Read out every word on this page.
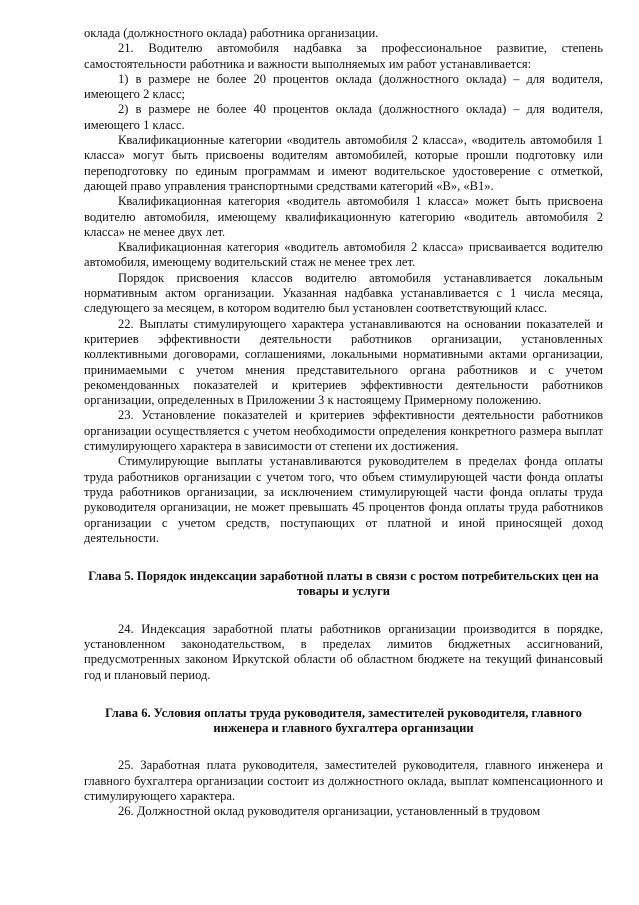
оклада (должностного оклада) работника организации.

21. Водителю автомобиля надбавка за профессиональное развитие, степень самостоятельности работника и важности выполняемых им работ устанавливается:

1) в размере не более 20 процентов оклада (должностного оклада) – для водителя, имеющего 2 класс;

2) в размере не более 40 процентов оклада (должностного оклада) – для водителя, имеющего 1 класс.

Квалификационные категории «водитель автомобиля 2 класса», «водитель автомобиля 1 класса» могут быть присвоены водителям автомобилей, которые прошли подготовку или переподготовку по единым программам и имеют водительское удостоверение с отметкой, дающей право управления транспортными средствами категорий «B», «B1».

Квалификационная категория «водитель автомобиля 1 класса» может быть присвоена водителю автомобиля, имеющему квалификационную категорию «водитель автомобиля 2 класса» не менее двух лет.

Квалификационная категория «водитель автомобиля 2 класса» присваивается водителю автомобиля, имеющему водительский стаж не менее трех лет.

Порядок присвоения классов водителю автомобиля устанавливается локальным нормативным актом организации. Указанная надбавка устанавливается с 1 числа месяца, следующего за месяцем, в котором водителю был установлен соответствующий класс.

22. Выплаты стимулирующего характера устанавливаются на основании показателей и критериев эффективности деятельности работников организации, установленных коллективными договорами, соглашениями, локальными нормативными актами организации, принимаемыми с учетом мнения представительного органа работников и с учетом рекомендованных показателей и критериев эффективности деятельности работников организации, определенных в Приложении 3 к настоящему Примерному положению.

23. Установление показателей и критериев эффективности деятельности работников организации осуществляется с учетом необходимости определения конкретного размера выплат стимулирующего характера в зависимости от степени их достижения.

Стимулирующие выплаты устанавливаются руководителем в пределах фонда оплаты труда работников организации с учетом того, что объем стимулирующей части фонда оплаты труда работников организации, за исключением стимулирующей части фонда оплаты труда руководителя организации, не может превышать 45 процентов фонда оплаты труда работников организации с учетом средств, поступающих от платной и иной приносящей доход деятельности.

Глава 5. Порядок индексации заработной платы в связи с ростом потребительских цен на товары и услуги

24. Индексация заработной платы работников организации производится в порядке, установленном законодательством, в пределах лимитов бюджетных ассигнований, предусмотренных законом Иркутской области об областном бюджете на текущий финансовый год и плановый период.

Глава 6. Условия оплаты труда руководителя, заместителей руководителя, главного инженера и главного бухгалтера организации

25. Заработная плата руководителя, заместителей руководителя, главного инженера и главного бухгалтера организации состоит из должностного оклада, выплат компенсационного и стимулирующего характера.

26. Должностной оклад руководителя организации, установленный в трудовом
